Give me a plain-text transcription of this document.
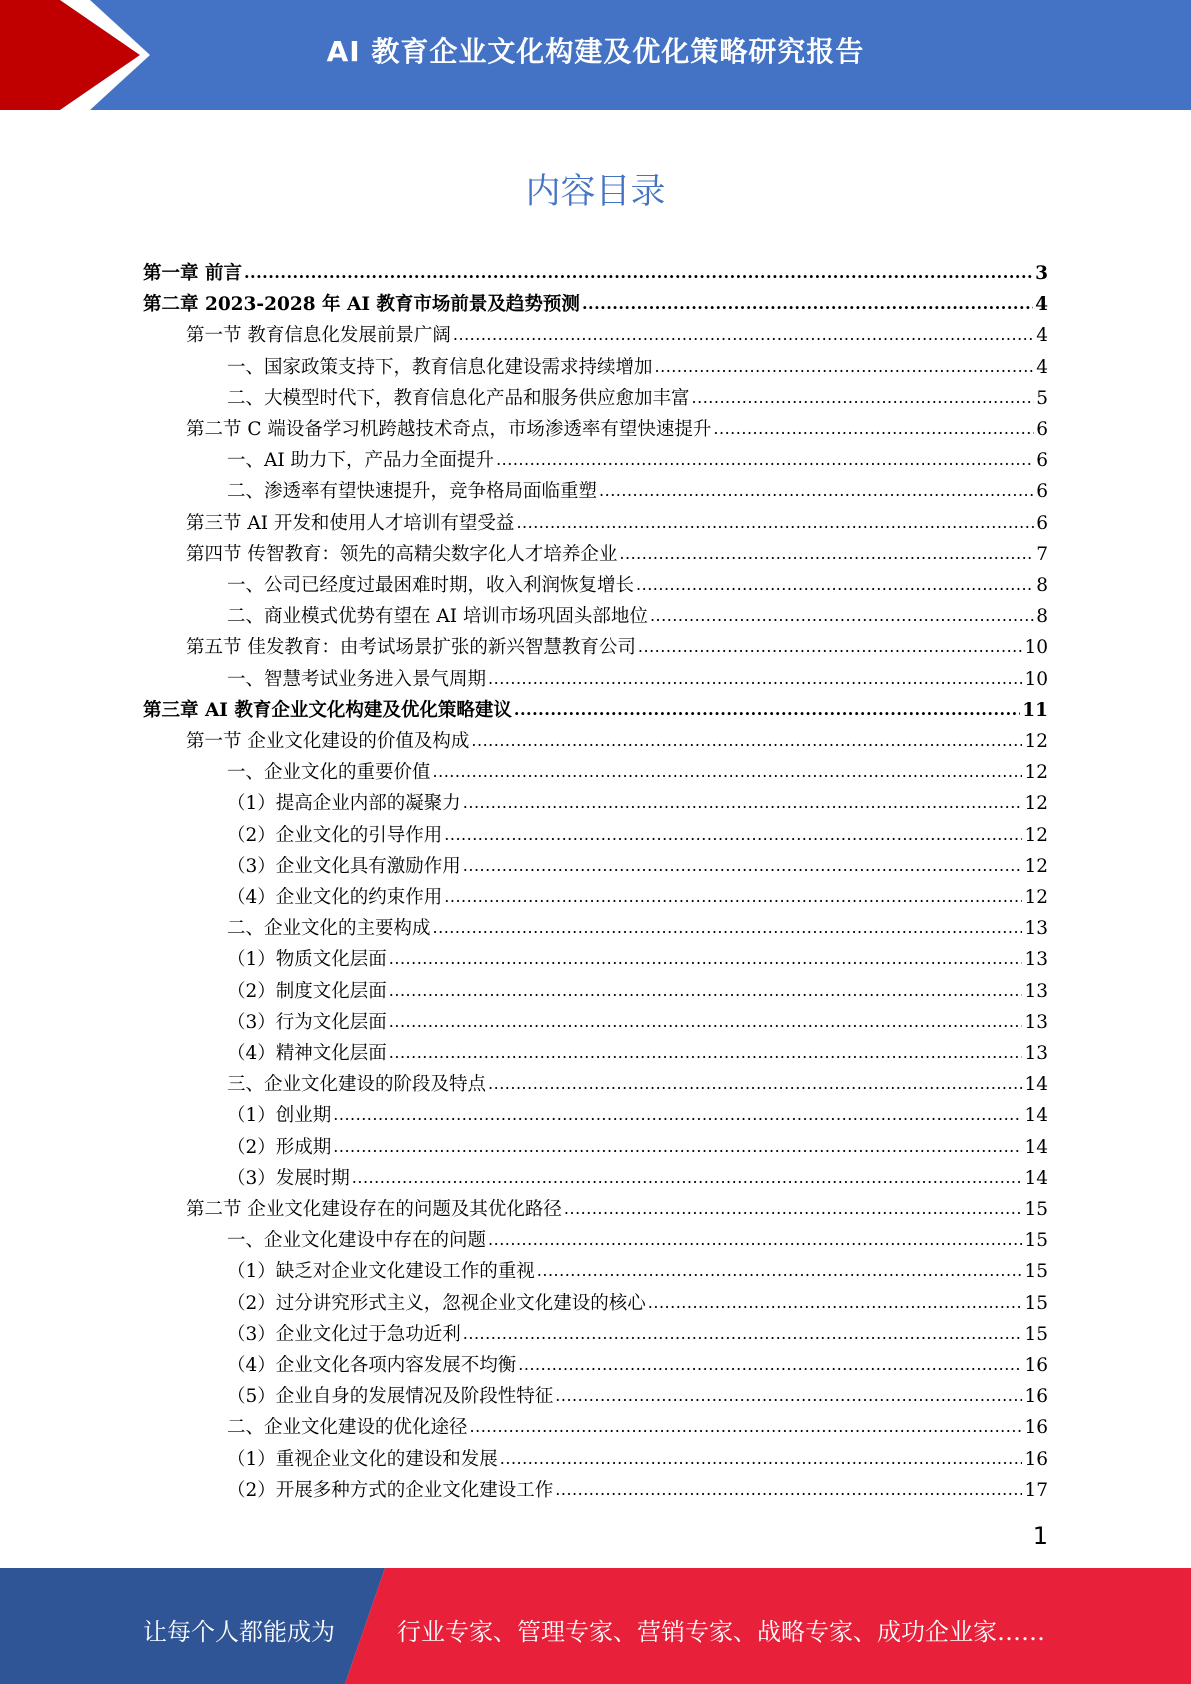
AI 教育企业文化构建及优化策略研究报告
内容目录
第一章 前言 .....	3
第二章 2023-2028 年 AI 教育市场前景及趋势预测 .....	4
第一节 教育信息化发展前景广阔 .....	4
一、国家政策支持下，教育信息化建设需求持续增加 .....	4
二、大模型时代下，教育信息化产品和服务供应愈加丰富 .....	5
第二节 C 端设备学习机跨越技术奇点，市场渗透率有望快速提升 .....	6
一、AI 助力下，产品力全面提升 .....	6
二、渗透率有望快速提升，竞争格局面临重塑 .....	6
第三节 AI 开发和使用人才培训有望受益 .....	6
第四节 传智教育：领先的高精尖数字化人才培养企业 .....	7
一、公司已经度过最困难时期，收入利润恢复增长 .....	8
二、商业模式优势有望在 AI 培训市场巩固头部地位 .....	8
第五节 佳发教育：由考试场景扩张的新兴智慧教育公司 .....	10
一、智慧考试业务进入景气周期 .....	10
第三章 AI 教育企业文化构建及优化策略建议 .....	11
第一节 企业文化建设的价值及构成 .....	12
一、企业文化的重要价值 .....	12
（1）提高企业内部的凝聚力 .....	12
（2）企业文化的引导作用 .....	12
（3）企业文化具有激励作用 .....	12
（4）企业文化的约束作用 .....	12
二、企业文化的主要构成 .....	13
（1）物质文化层面 .....	13
（2）制度文化层面 .....	13
（3）行为文化层面 .....	13
（4）精神文化层面 .....	13
三、企业文化建设的阶段及特点 .....	14
（1）创业期 .....	14
（2）形成期 .....	14
（3）发展时期 .....	14
第二节 企业文化建设存在的问题及其优化路径 .....	15
一、企业文化建设中存在的问题 .....	15
（1）缺乏对企业文化建设工作的重视 .....	15
（2）过分讲究形式主义，忽视企业文化建设的核心 .....	15
（3）企业文化过于急功近利 .....	15
（4）企业文化各项内容发展不均衡 .....	16
（5）企业自身的发展情况及阶段性特征 .....	16
二、企业文化建设的优化途径 .....	16
（1）重视企业文化的建设和发展 .....	16
（2）开展多种方式的企业文化建设工作 .....	17
1
让每个人都能成为	行业专家、管理专家、营销专家、战略专家、成功企业家……
